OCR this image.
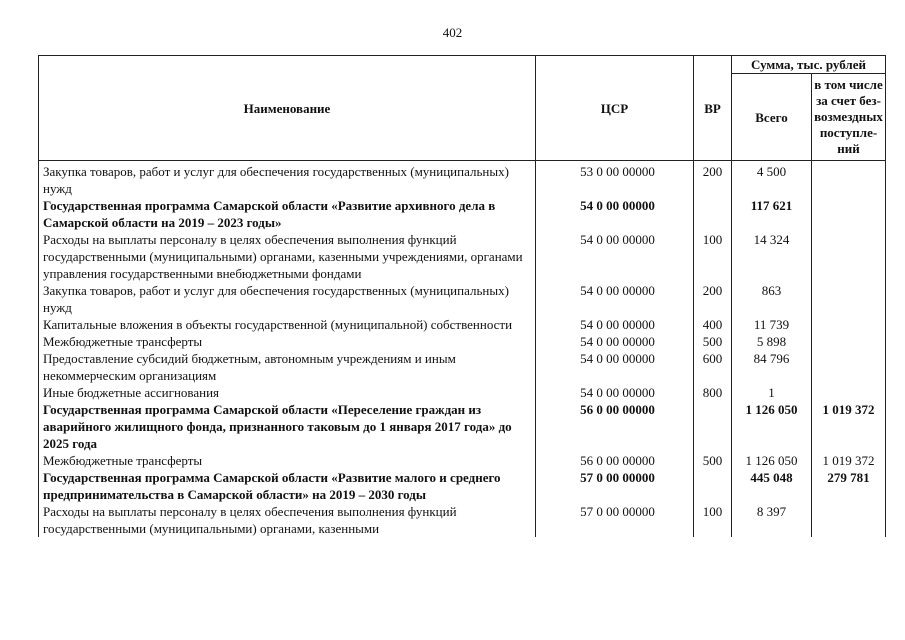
402
Наименование	ЦСР	ВР	Сумма, тыс. рублей	
			Всего	в том числе за счет без-возмездных поступле-ний
Закупка товаров, работ и услуг для обеспечения государственных (муниципальных) нужд	53 0 00 00000	200	4 500	
Государственная программа Самарской области «Развитие архивного дела в Самарской области на 2019 – 2023 годы»	54 0 00 00000		117 621	
Расходы на выплаты персоналу в целях обеспечения выполнения функций государственными (муниципальными) органами, казенными учреждениями, органами управления государственными внебюджетными фондами	54 0 00 00000	100	14 324	
Закупка товаров, работ и услуг для обеспечения государственных (муниципальных) нужд	54 0 00 00000	200	863	
Капитальные вложения в объекты государственной (муниципальной) собственности	54 0 00 00000	400	11 739	
Межбюджетные трансферты	54 0 00 00000	500	5 898	
Предоставление субсидий бюджетным, автономным учреждениям и иным некоммерческим организациям	54 0 00 00000	600	84 796	
Иные бюджетные ассигнования	54 0 00 00000	800	1	
Государственная программа Самарской области «Переселение граждан из аварийного жилищного фонда, признанного таковым до 1 января 2017 года» до 2025 года	56 0 00 00000		1 126 050	1 019 372
Межбюджетные трансферты	56 0 00 00000	500	1 126 050	1 019 372
Государственная программа Самарской области «Развитие малого и среднего предпринимательства в Самарской области» на 2019 – 2030 годы	57 0 00 00000		445 048	279 781
Расходы на выплаты персоналу в целях обеспечения выполнения функций государственными (муниципальными) органами, казенными	57 0 00 00000	100	8 397	
